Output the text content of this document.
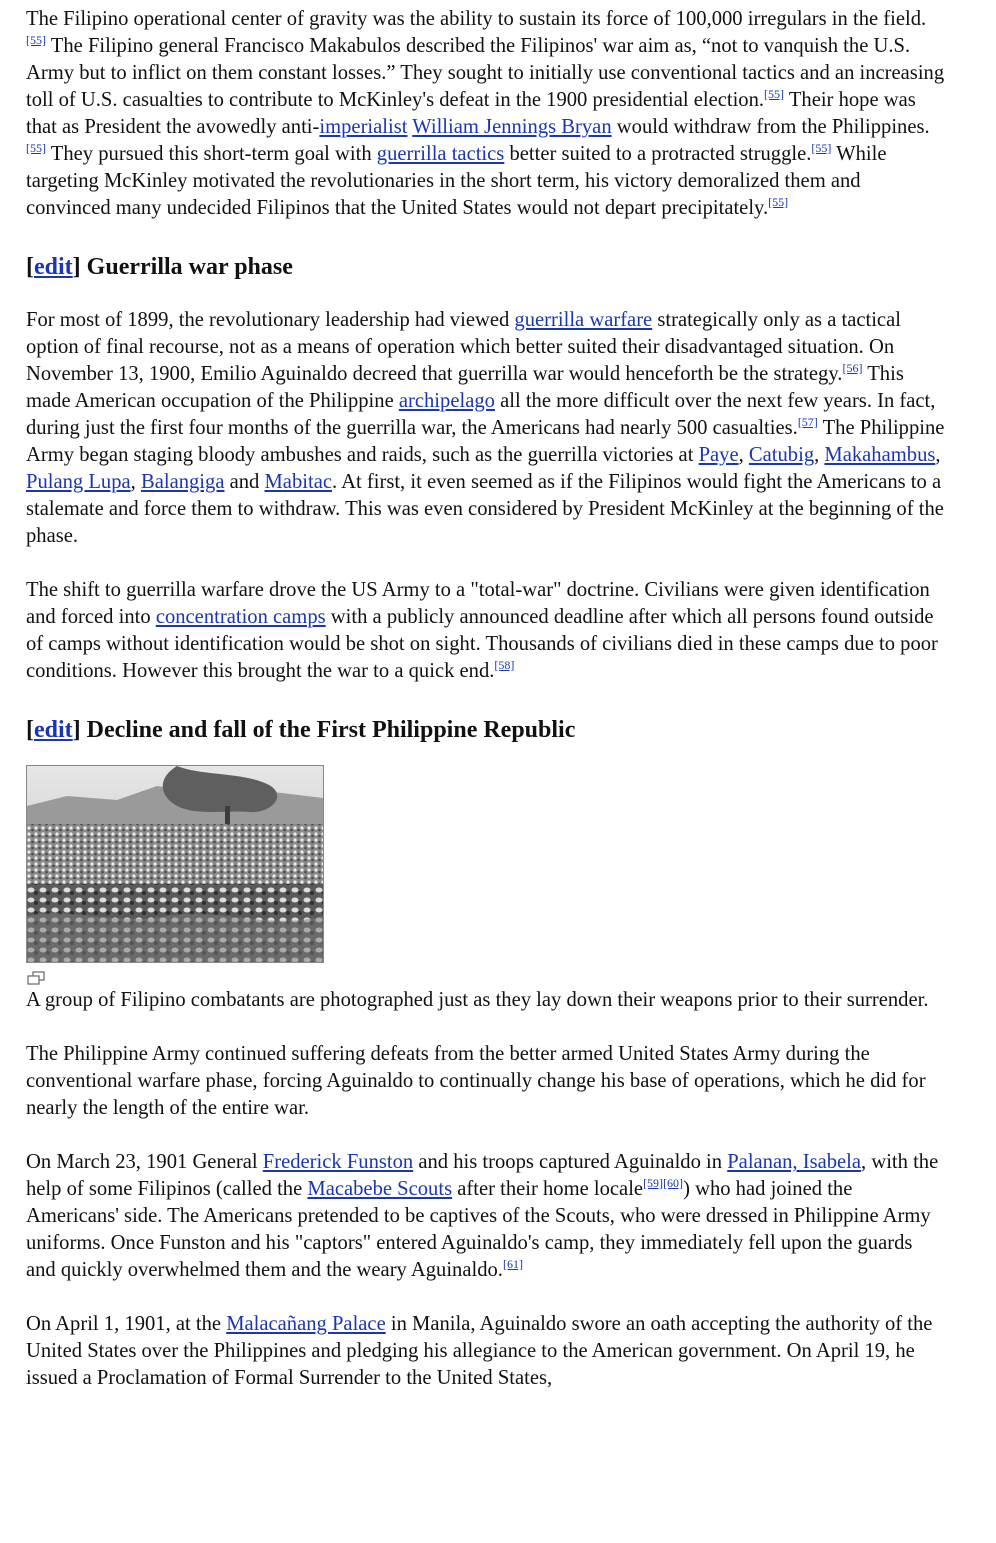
The Filipino operational center of gravity was the ability to sustain its force of 100,000 irregulars in the field.[55] The Filipino general Francisco Makabulos described the Filipinos' war aim as, “not to vanquish the U.S. Army but to inflict on them constant losses.” They sought to initially use conventional tactics and an increasing toll of U.S. casualties to contribute to McKinley's defeat in the 1900 presidential election.[55] Their hope was that as President the avowedly anti-imperialist William Jennings Bryan would withdraw from the Philippines.[55] They pursued this short-term goal with guerrilla tactics better suited to a protracted struggle.[55] While targeting McKinley motivated the revolutionaries in the short term, his victory demoralized them and convinced many undecided Filipinos that the United States would not depart precipitately.[55]

[edit] Guerrilla war phase

For most of 1899, the revolutionary leadership had viewed guerrilla warfare strategically only as a tactical option of final recourse, not as a means of operation which better suited their disadvantaged situation. On November 13, 1900, Emilio Aguinaldo decreed that guerrilla war would henceforth be the strategy.[56] This made American occupation of the Philippine archipelago all the more difficult over the next few years. In fact, during just the first four months of the guerrilla war, the Americans had nearly 500 casualties.[57] The Philippine Army began staging bloody ambushes and raids, such as the guerrilla victories at Paye, Catubig, Makahambus, Pulang Lupa, Balangiga and Mabitac. At first, it even seemed as if the Filipinos would fight the Americans to a stalemate and force them to withdraw. This was even considered by President McKinley at the beginning of the phase.

The shift to guerrilla warfare drove the US Army to a "total-war" doctrine. Civilians were given identification and forced into concentration camps with a publicly announced deadline after which all persons found outside of camps without identification would be shot on sight. Thousands of civilians died in these camps due to poor conditions. However this brought the war to a quick end.[58]

[edit] Decline and fall of the First Philippine Republic

A group of Filipino combatants are photographed just as they lay down their weapons prior to their surrender.

The Philippine Army continued suffering defeats from the better armed United States Army during the conventional warfare phase, forcing Aguinaldo to continually change his base of operations, which he did for nearly the length of the entire war.

On March 23, 1901 General Frederick Funston and his troops captured Aguinaldo in Palanan, Isabela, with the help of some Filipinos (called the Macabebe Scouts after their home locale[59][60]) who had joined the Americans' side. The Americans pretended to be captives of the Scouts, who were dressed in Philippine Army uniforms. Once Funston and his "captors" entered Aguinaldo's camp, they immediately fell upon the guards and quickly overwhelmed them and the weary Aguinaldo.[61]

On April 1, 1901, at the Malacañang Palace in Manila, Aguinaldo swore an oath accepting the authority of the United States over the Philippines and pledging his allegiance to the American government. On April 19, he issued a Proclamation of Formal Surrender to the United States,
